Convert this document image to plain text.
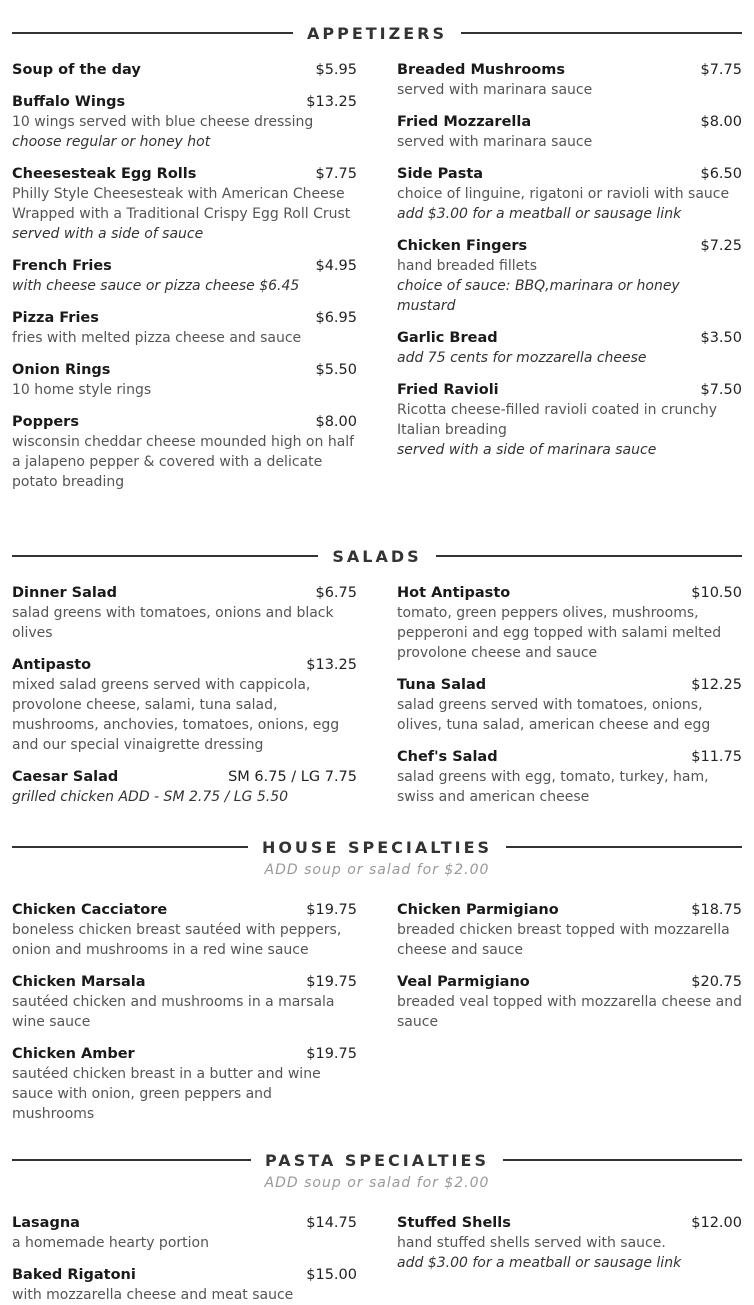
APPETIZERS
Soup of the day	$5.95
Buffalo Wings	$13.25
10 wings served with blue cheese dressing
choose regular or honey hot
Cheesesteak Egg Rolls	$7.75
Philly Style Cheesesteak with American Cheese Wrapped with a Traditional Crispy Egg Roll Crust
served with a side of sauce
French Fries	$4.95
with cheese sauce or pizza cheese $6.45
Pizza Fries	$6.95
fries with melted pizza cheese and sauce
Onion Rings	$5.50
10 home style rings
Poppers	$8.00
wisconsin cheddar cheese mounded high on half a jalapeno pepper & covered with a delicate potato breading
Breaded Mushrooms	$7.75
served with marinara sauce
Fried Mozzarella	$8.00
served with marinara sauce
Side Pasta	$6.50
choice of linguine, rigatoni or ravioli with sauce
add $3.00 for a meatball or sausage link
Chicken Fingers	$7.25
hand breaded fillets
choice of sauce: BBQ,marinara or honey mustard
Garlic Bread	$3.50
add 75 cents for mozzarella cheese
Fried Ravioli	$7.50
Ricotta cheese-filled ravioli coated in crunchy Italian breading
served with a side of marinara sauce
SALADS
Dinner Salad	$6.75
salad greens with tomatoes, onions and black olives
Antipasto	$13.25
mixed salad greens served with cappicola, provolone cheese, salami, tuna salad, mushrooms, anchovies, tomatoes, onions, egg and our special vinaigrette dressing
Caesar Salad	SM 6.75 / LG 7.75
grilled chicken ADD - SM 2.75 / LG 5.50
Hot Antipasto	$10.50
tomato, green peppers olives, mushrooms, pepperoni and egg topped with salami melted provolone cheese and sauce
Tuna Salad	$12.25
salad greens served with tomatoes, onions, olives, tuna salad, american cheese and egg
Chef's Salad	$11.75
salad greens with egg, tomato, turkey, ham, swiss and american cheese
HOUSE SPECIALTIES
ADD soup or salad for $2.00
Chicken Cacciatore	$19.75
boneless chicken breast sautéed with peppers, onion and mushrooms in a red wine sauce
Chicken Marsala	$19.75
sautéed chicken and mushrooms in a marsala wine sauce
Chicken Amber	$19.75
sautéed chicken breast in a butter and wine sauce with onion, green peppers and mushrooms
Chicken Parmigiano	$18.75
breaded chicken breast topped with mozzarella cheese and sauce
Veal Parmigiano	$20.75
breaded veal topped with mozzarella cheese and sauce
PASTA SPECIALTIES
ADD soup or salad for $2.00
Lasagna	$14.75
a homemade hearty portion
Baked Rigatoni	$15.00
with mozzarella cheese and meat sauce
Stuffed Shells	$12.00
hand stuffed shells served with sauce.
add $3.00 for a meatball or sausage link
